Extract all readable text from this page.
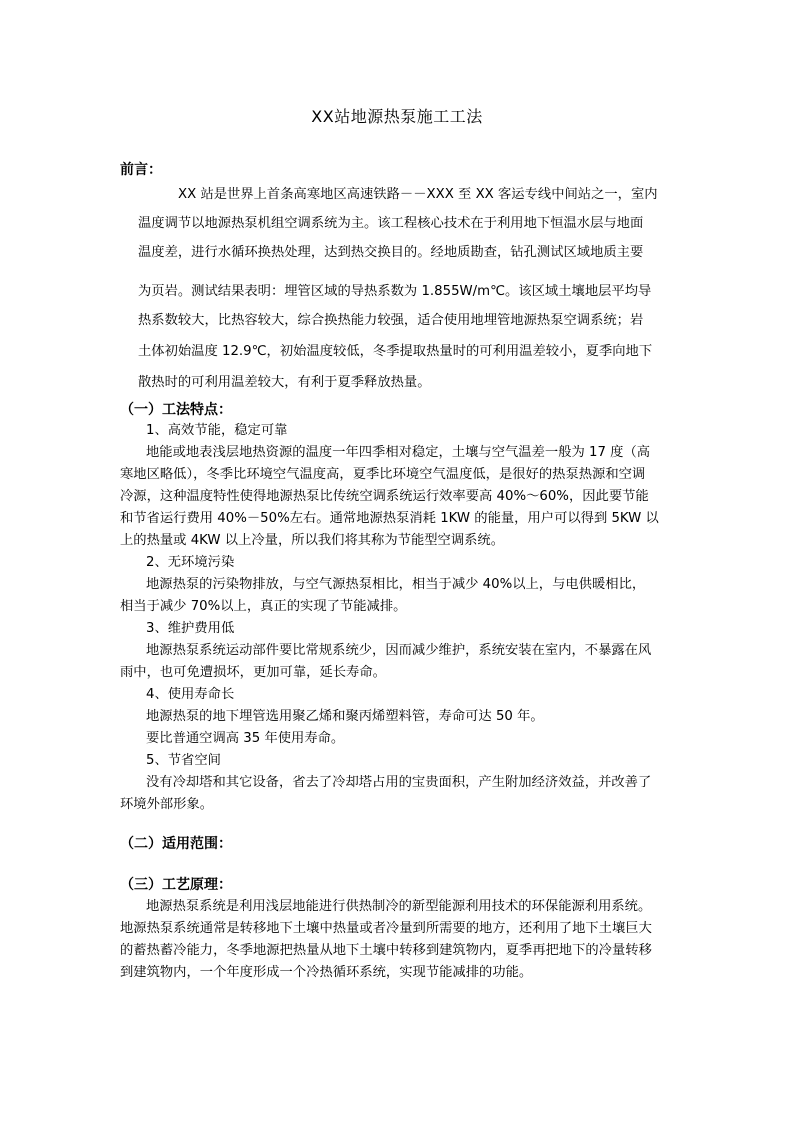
XX站地源热泵施工工法
前言：
XX 站是世界上首条高寒地区高速铁路－－XXX 至 XX 客运专线中间站之一，室内
温度调节以地源热泵机组空调系统为主。该工程核心技术在于利用地下恒温水层与地面
温度差，进行水循环换热处理，达到热交换目的。经地质勘查，钻孔测试区域地质主要
为页岩。测试结果表明：埋管区域的导热系数为 1.855W/m℃。该区域土壤地层平均导
热系数较大，比热容较大，综合换热能力较强，适合使用地埋管地源热泵空调系统；岩
土体初始温度 12.9℃，初始温度较低，冬季提取热量时的可利用温差较小，夏季向地下
散热时的可利用温差较大，有利于夏季释放热量。
（一）工法特点：
1、高效节能，稳定可靠
地能或地表浅层地热资源的温度一年四季相对稳定，土壤与空气温差一般为 17 度（高
寒地区略低），冬季比环境空气温度高，夏季比环境空气温度低，是很好的热泵热源和空调
冷源，这种温度特性使得地源热泵比传统空调系统运行效率要高 40%～60%，因此要节能
和节省运行费用 40%－50%左右。通常地源热泵消耗 1KW 的能量，用户可以得到 5KW 以
上的热量或 4KW 以上冷量，所以我们将其称为节能型空调系统。
2、无环境污染
地源热泵的污染物排放，与空气源热泵相比，相当于减少 40%以上，与电供暖相比，
相当于减少 70%以上，真正的实现了节能减排。
3、维护费用低
地源热泵系统运动部件要比常规系统少，因而减少维护，系统安装在室内，不暴露在风
雨中，也可免遭损坏，更加可靠，延长寿命。
4、使用寿命长
地源热泵的地下埋管选用聚乙烯和聚丙烯塑料管，寿命可达 50 年。
要比普通空调高 35 年使用寿命。
5、节省空间
没有冷却塔和其它设备，省去了冷却塔占用的宝贵面积，产生附加经济效益，并改善了
环境外部形象。
（二）适用范围：
（三）工艺原理：
地源热泵系统是利用浅层地能进行供热制冷的新型能源利用技术的环保能源利用系统。
地源热泵系统通常是转移地下土壤中热量或者冷量到所需要的地方，还利用了地下土壤巨大
的蓄热蓄冷能力，冬季地源把热量从地下土壤中转移到建筑物内，夏季再把地下的冷量转移
到建筑物内，一个年度形成一个冷热循环系统，实现节能减排的功能。
